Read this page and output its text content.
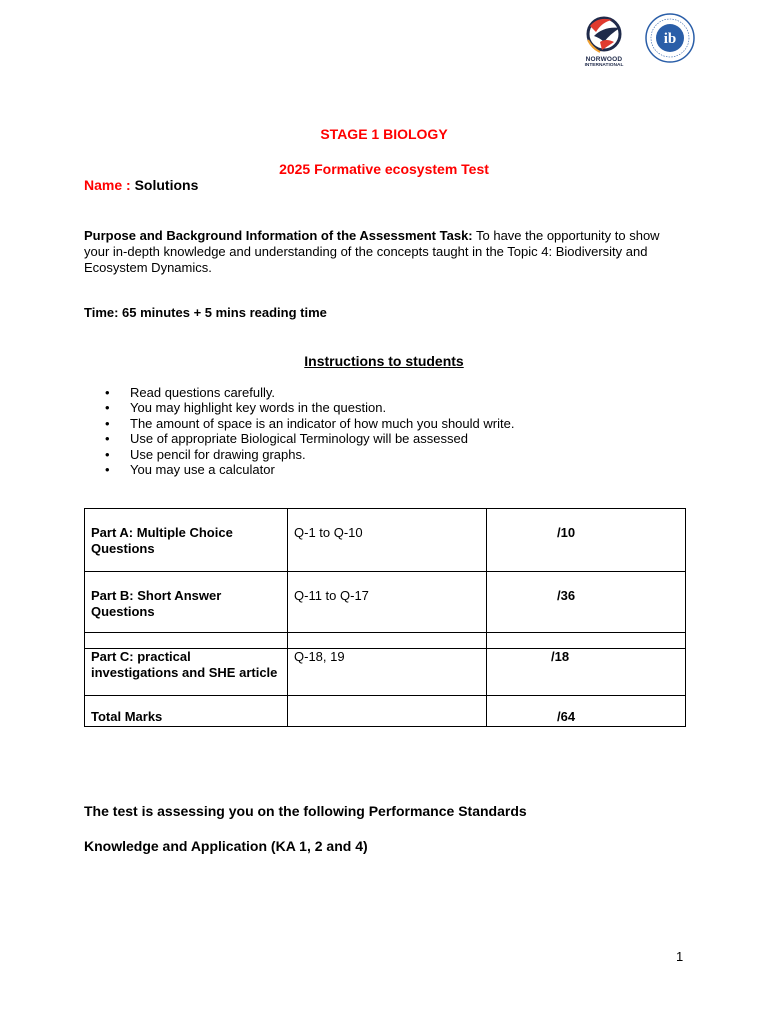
NORWOOD
INTERNATIONAL
ib
STAGE 1 BIOLOGY
2025 Formative ecosystem Test
Name : Solutions
Purpose and Background Information of the Assessment Task: To have the opportunity to show your in-depth knowledge and understanding of the concepts taught in the Topic 4: Biodiversity and Ecosystem Dynamics.
Time: 65 minutes + 5 mins reading time
Instructions to students
• Read questions carefully.
• You may highlight key words in the question.
• The amount of space is an indicator of how much you should write.
• Use of appropriate Biological Terminology will be assessed
• Use pencil for drawing graphs.
• You may use a calculator
Part A: Multiple Choice Questions	Q-1 to Q-10	/10
Part B: Short Answer Questions	Q-11 to Q-17	/36

Part C: practical investigations and SHE article	Q-18, 19	/18
Total Marks		/64
The test is assessing you on the following Performance Standards
Knowledge and Application (KA 1, 2 and 4)
1
